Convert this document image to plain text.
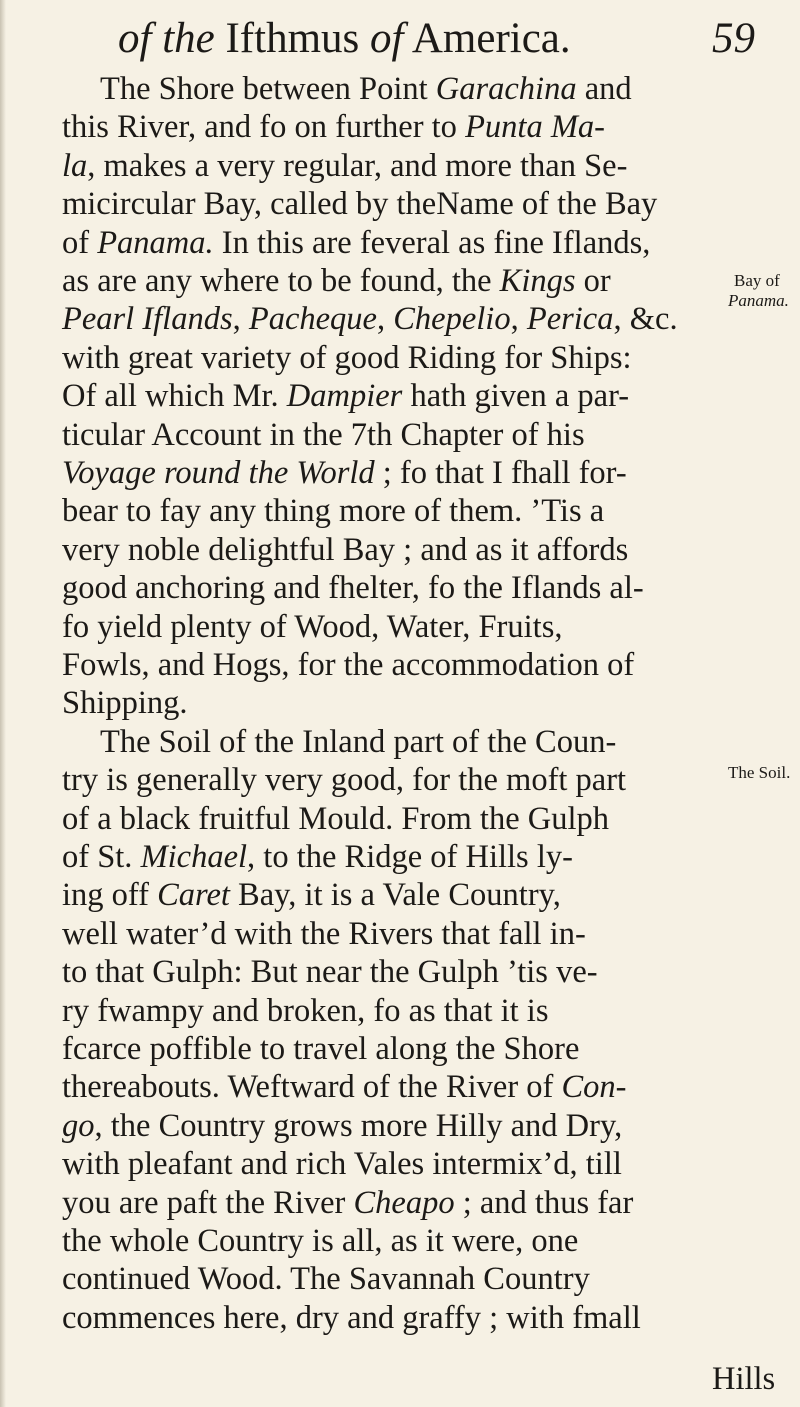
of the Ifthmus of America.	59
The Shore between Point Garachina and
this River, and fo on further to Punta Ma-
la, makes a very regular, and more than Se-
micircular Bay, called by theName of the Bay
of Panama. In this are feveral as fine Iflands,
as are any where to be found, the Kings or
Pearl Iflands, Pacheque, Chepelio, Perica, &c.
with great variety of good Riding for Ships:
Of all which Mr. Dampier hath given a par-
ticular Account in the 7th Chapter of his
Voyage round the World ; fo that I fhall for-
bear to fay any thing more of them. ’Tis a
very noble delightful Bay ; and as it affords
good anchoring and fhelter, fo the Iflands al-
fo yield plenty of Wood, Water, Fruits,
Fowls, and Hogs, for the accommodation of
Shipping.
The Soil of the Inland part of the Coun-
try is generally very good, for the moft part
of a black fruitful Mould. From the Gulph
of St. Michael, to the Ridge of Hills ly-
ing off Caret Bay, it is a Vale Country,
well water’d with the Rivers that fall in-
to that Gulph: But near the Gulph ’tis ve-
ry fwampy and broken, fo as that it is
fcarce poffible to travel along the Shore
thereabouts. Weftward of the River of Con-
go, the Country grows more Hilly and Dry,
with pleafant and rich Vales intermix’d, till
you are paft the River Cheapo ; and thus far
the whole Country is all, as it were, one
continued Wood. The Savannah Country
commences here, dry and graffy ; with fmall
Hills
Bay of
Panama.
The Soil.
